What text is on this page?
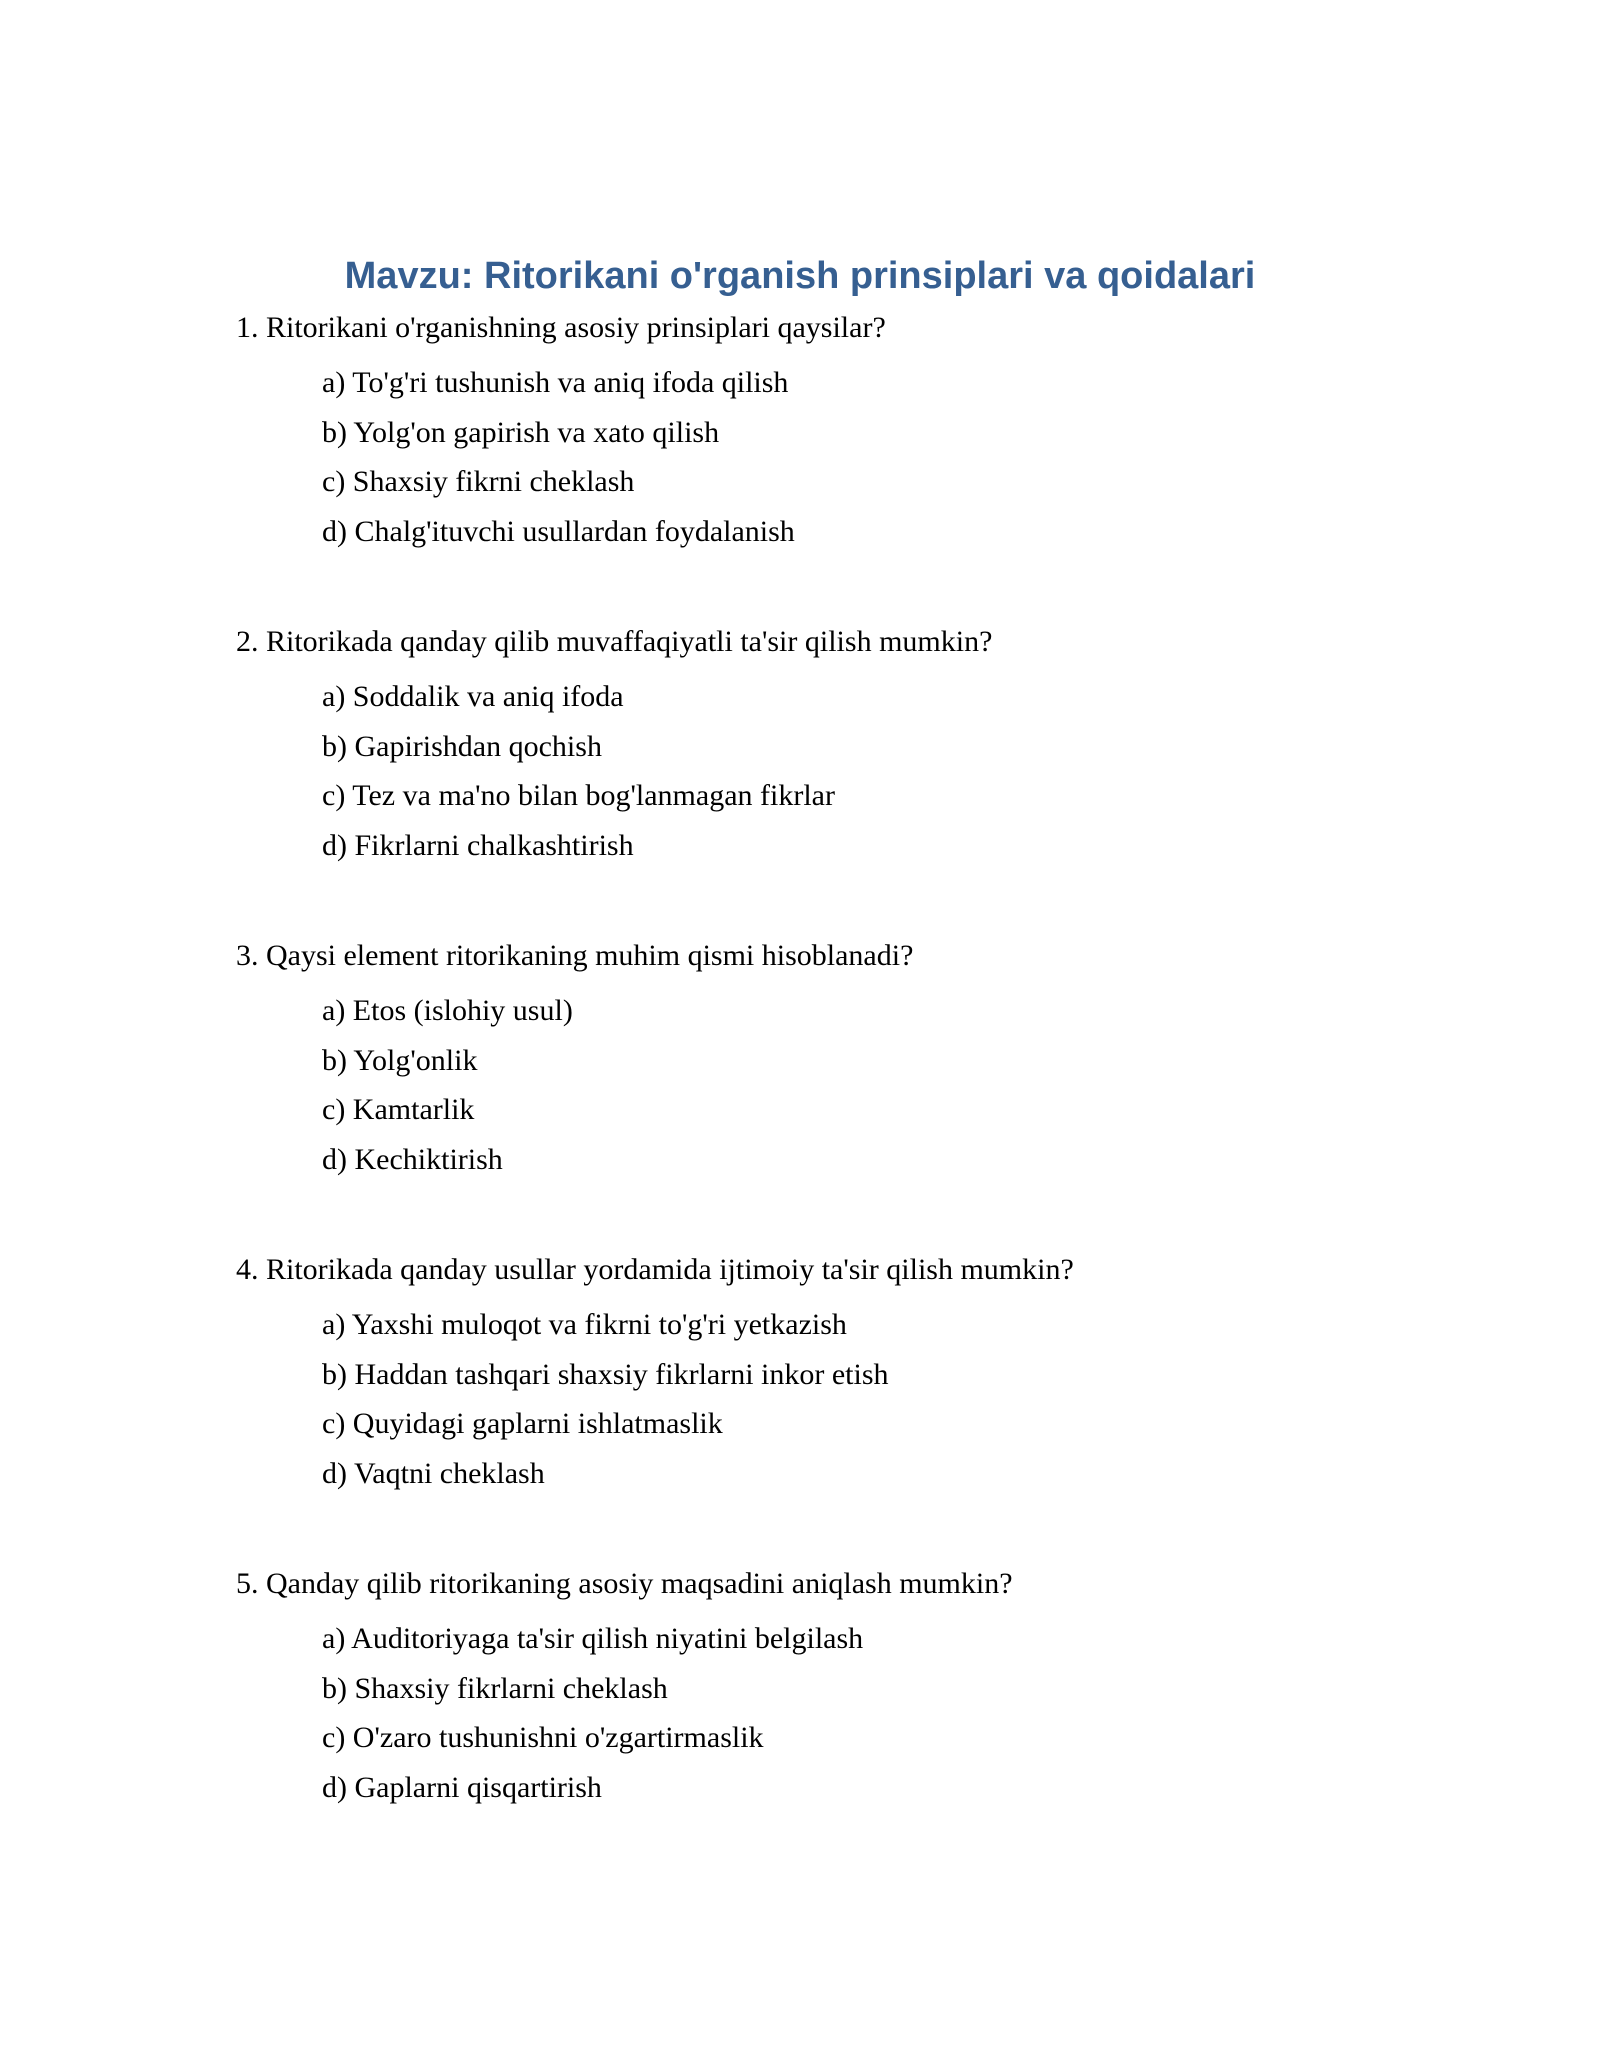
Mavzu: Ritorikani o'rganish prinsiplari va qoidalari

1. Ritorikani o'rganishning asosiy prinsiplari qaysilar?

a) To'g'ri tushunish va aniq ifoda qilish
b) Yolg'on gapirish va xato qilish
c) Shaxsiy fikrni cheklash
d) Chalg'ituvchi usullardan foydalanish

2. Ritorikada qanday qilib muvaffaqiyatli ta'sir qilish mumkin?

a) Soddalik va aniq ifoda
b) Gapirishdan qochish
c) Tez va ma'no bilan bog'lanmagan fikrlar
d) Fikrlarni chalkashtirish

3. Qaysi element ritorikaning muhim qismi hisoblanadi?

a) Etos (islohiy usul)
b) Yolg'onlik
c) Kamtarlik
d) Kechiktirish

4. Ritorikada qanday usullar yordamida ijtimoiy ta'sir qilish mumkin?

a) Yaxshi muloqot va fikrni to'g'ri yetkazish
b) Haddan tashqari shaxsiy fikrlarni inkor etish
c) Quyidagi gaplarni ishlatmaslik
d) Vaqtni cheklash

5. Qanday qilib ritorikaning asosiy maqsadini aniqlash mumkin?

a) Auditoriyaga ta'sir qilish niyatini belgilash
b) Shaxsiy fikrlarni cheklash
c) O'zaro tushunishni o'zgartirmaslik
d) Gaplarni qisqartirish
